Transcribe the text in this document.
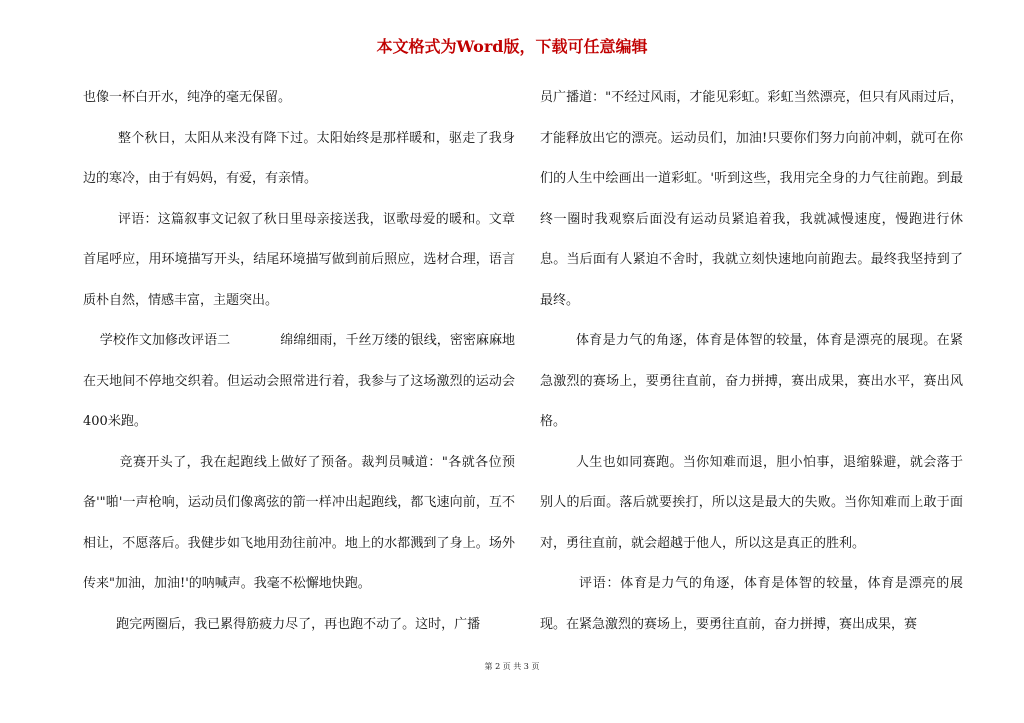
本文格式为Word版，下载可任意编辑

也像一杯白开水，纯净的毫无保留。

整个秋日，太阳从来没有降下过。太阳始终是那样暖和，驱走了我身边的寒冷，由于有妈妈，有爱，有亲情。

评语：这篇叙事文记叙了秋日里母亲接送我，讴歌母爱的暖和。文章首尾呼应，用环境描写开头，结尾环境描写做到前后照应，选材合理，语言质朴自然，情感丰富，主题突出。

学校作文加修改评语二            绵绵细雨，千丝万缕的银线，密密麻麻地在天地间不停地交织着。但运动会照常进行着，我参与了这场激烈的运动会400米跑。

竞赛开头了，我在起跑线上做好了预备。裁判员喊道："各就各位预备'"啪'一声枪响，运动员们像离弦的箭一样冲出起跑线，都飞速向前，互不相让，不愿落后。我健步如飞地用劲往前冲。地上的水都溅到了身上。场外传来"加油，加油!'的呐喊声。我毫不松懈地快跑。

跑完两圈后，我已累得筋疲力尽了，再也跑不动了。这时，广播

员广播道："不经过风雨，才能见彩虹。彩虹当然漂亮，但只有风雨过后，才能释放出它的漂亮。运动员们，加油!只要你们努力向前冲刺，就可在你们的人生中绘画出一道彩虹。'听到这些，我用完全身的力气往前跑。到最终一圈时我观察后面没有运动员紧追着我，我就减慢速度，慢跑进行休息。当后面有人紧迫不舍时，我就立刻快速地向前跑去。最终我坚持到了最终。

体育是力气的角逐，体育是体智的较量，体育是漂亮的展现。在紧急激烈的赛场上，要勇往直前，奋力拼搏，赛出成果，赛出水平，赛出风格。

人生也如同赛跑。当你知难而退，胆小怕事，退缩躲避，就会落于别人的后面。落后就要挨打，所以这是最大的失败。当你知难而上敢于面对，勇往直前，就会超越于他人，所以这是真正的胜利。

评语：体育是力气的角逐，体育是体智的较量，体育是漂亮的展现。在紧急激烈的赛场上，要勇往直前，奋力拼搏，赛出成果，赛

第 2 页 共 3 页
